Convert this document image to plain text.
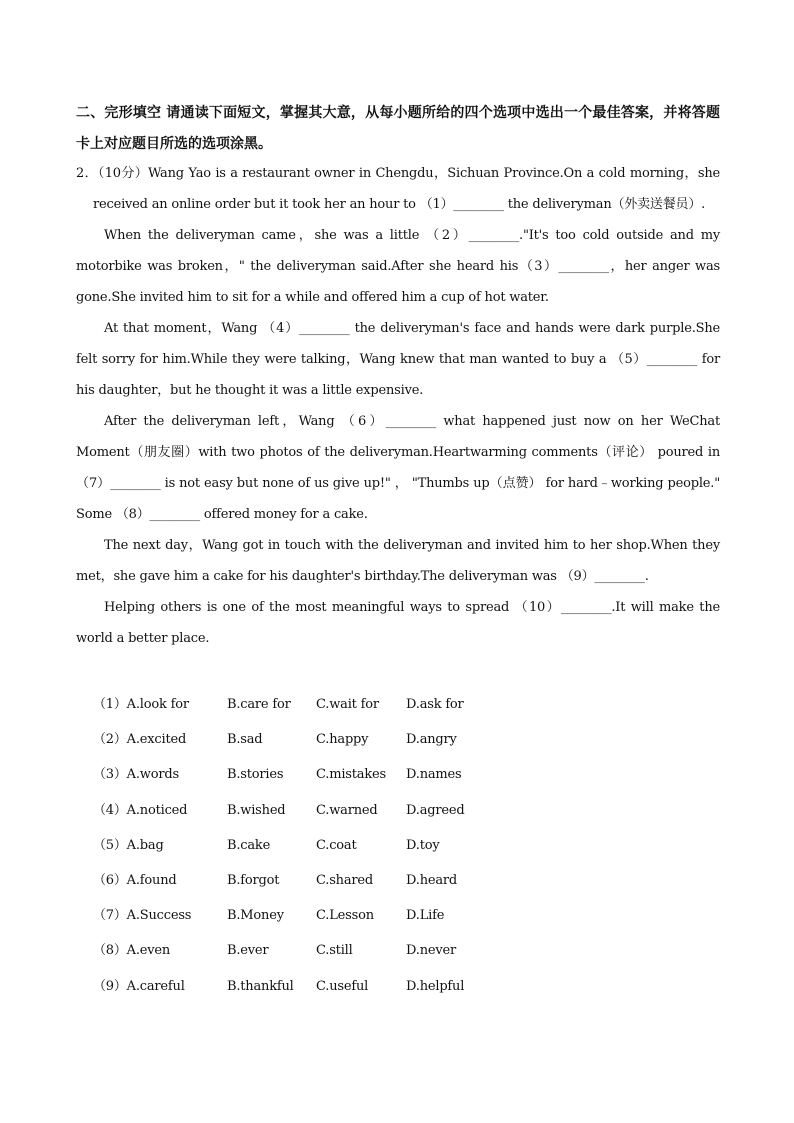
二、完形填空 请通读下面短文，掌握其大意，从每小题所给的四个选项中选出一个最佳答案，并将答题卡上对应题目所选的选项涂黑。

2．（10分）Wang Yao is a restaurant owner in Chengdu，Sichuan Province.On a cold morning，she received an online order but it took her an hour to （1）________ the deliveryman（外卖送餐员）.

When the deliveryman came，she was a little （2）________."It's too cold outside and my motorbike was broken，" the deliveryman said.After she heard his（3）________，her anger was gone.She invited him to sit for a while and offered him a cup of hot water.

At that moment，Wang （4）________ the deliveryman's face and hands were dark purple.She felt sorry for him.While they were talking，Wang knew that man wanted to buy a （5）________ for his daughter，but he thought it was a little expensive.

After the deliveryman left，Wang （6）________ what happened just now on her WeChat Moment（朋友圈）with two photos of the deliveryman.Heartwarming comments（评论） poured in（7）________ is not easy but none of us give up!" ， "Thumbs up（点赞） for hard﹣working people." Some （8）________ offered money for a cake.

The next day，Wang got in touch with the deliveryman and invited him to her shop.When they met，she gave him a cake for his daughter's birthday.The deliveryman was （9）________.

Helping others is one of the most meaningful ways to spread （10）________.It will make the world a better place.

（1）A.look for	B.care for C.wait for D.ask for
（2）A.excited	B.sad	C.happy	D.angry
（3）A.words	B.stories	C.mistakes D.names
（4）A.noticed	B.wished C.warned D.agreed
（5）A.bag	B.cake	C.coat	D.toy
（6）A.found	B.forgot	C.shared	D.heard
（7）A.Success	B.Money C.Lesson D.Life
（8）A.even	B.ever	C.still	D.never
（9）A.careful	B.thankful C.useful	D.helpful
